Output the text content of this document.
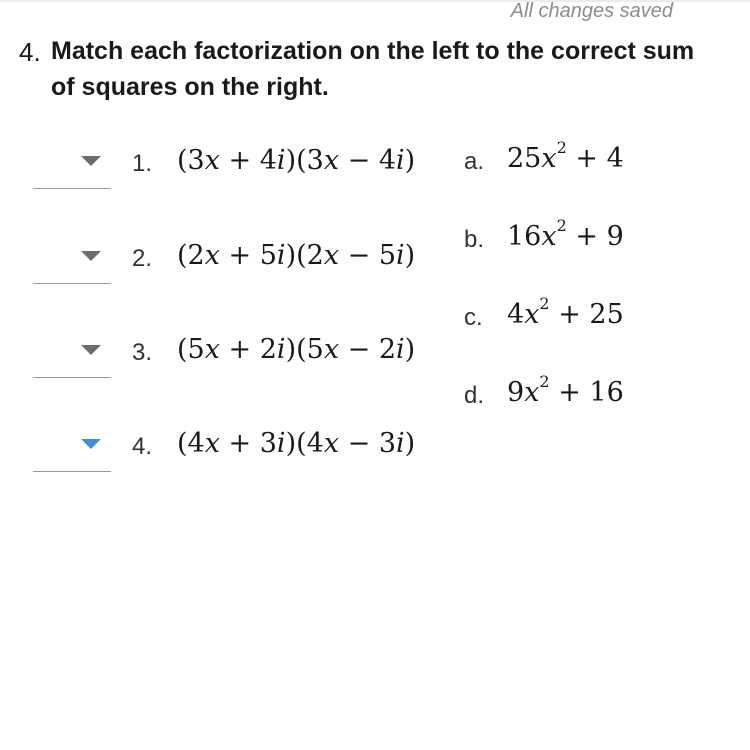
All changes saved
4. Match each factorization on the left to the correct sum of squares on the right.
1. (3x + 4i)(3x − 4i)
2. (2x + 5i)(2x − 5i)
3. (5x + 2i)(5x − 2i)
4. (4x + 3i)(4x − 3i)
a. $25x^2 + 4$
b. $16x^2 + 9$
c. $4x^2 + 25$
d. $9x^2 + 16$
